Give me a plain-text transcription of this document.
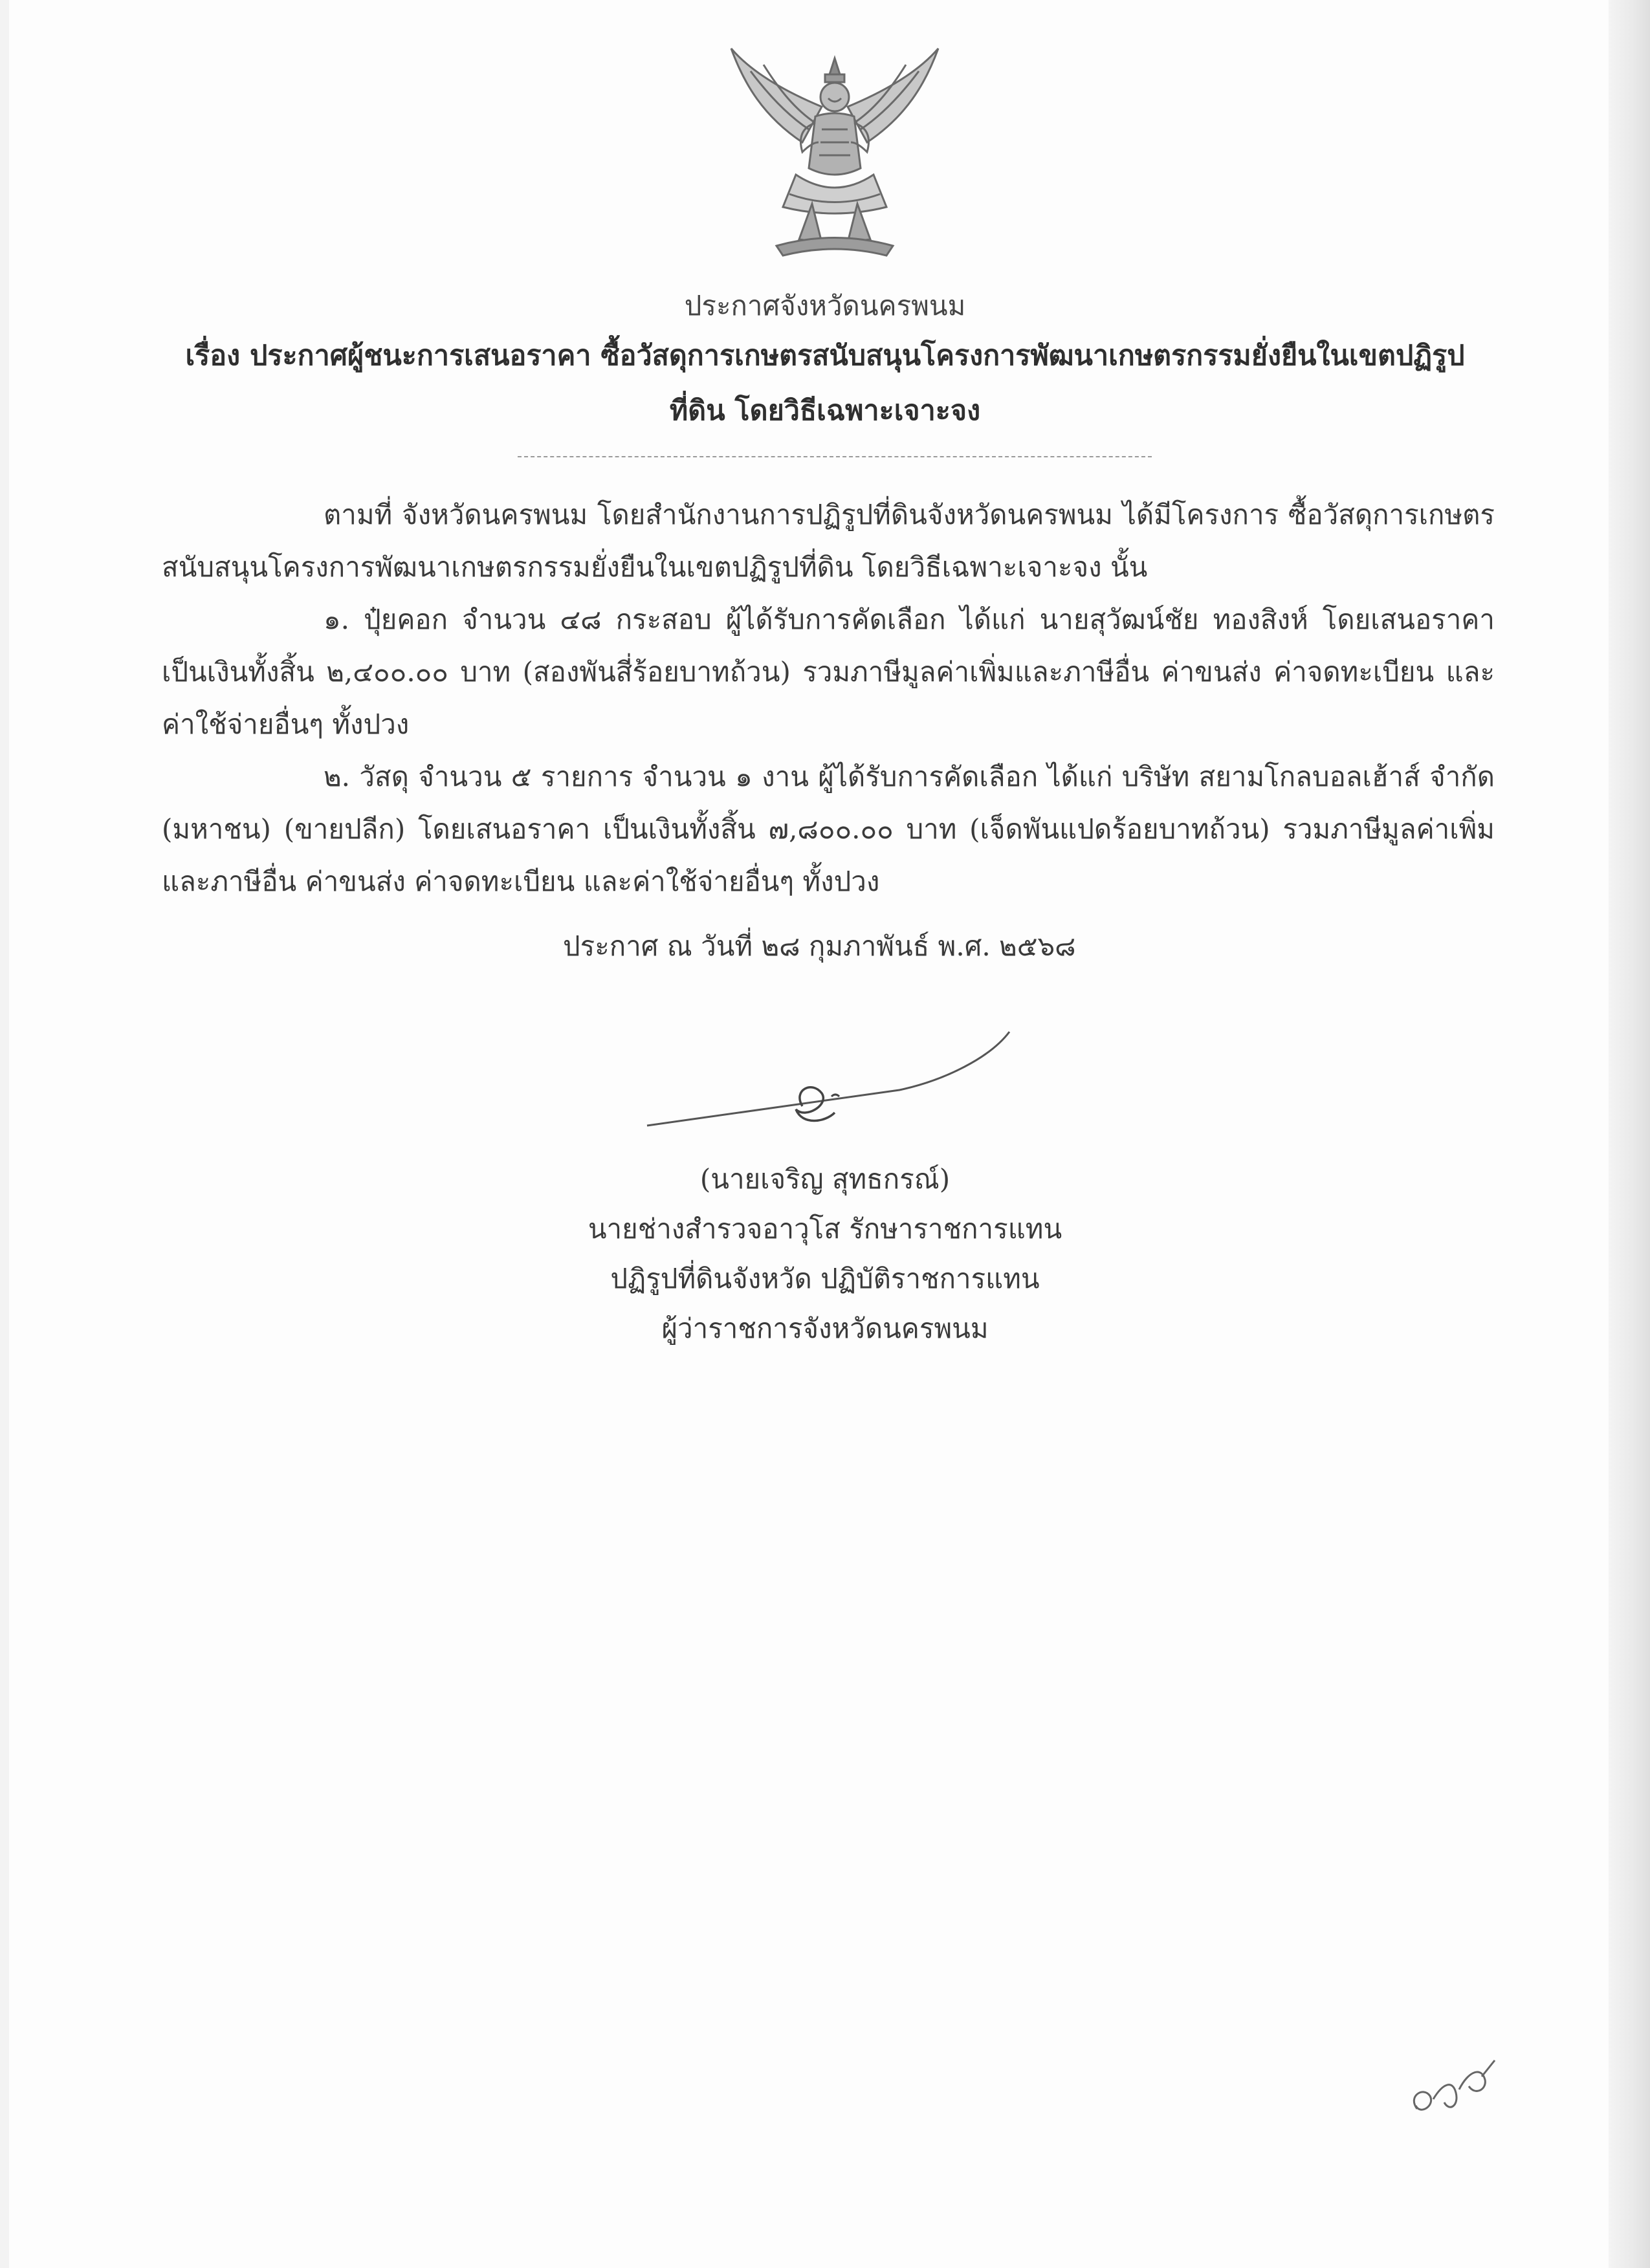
ประกาศจังหวัดนครพนม
เรื่อง ประกาศผู้ชนะการเสนอราคา ซื้อวัสดุการเกษตรสนับสนุนโครงการพัฒนาเกษตรกรรมยั่งยืนในเขตปฏิรูป
ที่ดิน โดยวิธีเฉพาะเจาะจง
ตามที่ จังหวัดนครพนม โดยสำนักงานการปฏิรูปที่ดินจังหวัดนครพนม ได้มีโครงการ ซื้อวัสดุการเกษตรสนับสนุนโครงการพัฒนาเกษตรกรรมยั่งยืนในเขตปฏิรูปที่ดิน โดยวิธีเฉพาะเจาะจง นั้น
๑. ปุ๋ยคอก จำนวน ๔๘ กระสอบ ผู้ได้รับการคัดเลือก ได้แก่ นายสุวัฒน์ชัย ทองสิงห์ โดยเสนอราคา เป็นเงินทั้งสิ้น ๒,๔๐๐.๐๐ บาท (สองพันสี่ร้อยบาทถ้วน) รวมภาษีมูลค่าเพิ่มและภาษีอื่น ค่าขนส่ง ค่าจดทะเบียน และค่าใช้จ่ายอื่นๆ ทั้งปวง
๒. วัสดุ จำนวน ๕ รายการ จำนวน ๑ งาน ผู้ได้รับการคัดเลือก ได้แก่ บริษัท สยามโกลบอลเฮ้าส์ จำกัด (มหาชน) (ขายปลีก) โดยเสนอราคา เป็นเงินทั้งสิ้น ๗,๘๐๐.๐๐ บาท (เจ็ดพันแปดร้อยบาทถ้วน) รวมภาษีมูลค่าเพิ่มและภาษีอื่น ค่าขนส่ง ค่าจดทะเบียน และค่าใช้จ่ายอื่นๆ ทั้งปวง
ประกาศ ณ วันที่ ๒๘ กุมภาพันธ์ พ.ศ. ๒๕๖๘
(นายเจริญ สุทธกรณ์)
นายช่างสำรวจอาวุโส รักษาราชการแทน
ปฏิรูปที่ดินจังหวัด ปฏิบัติราชการแทน
ผู้ว่าราชการจังหวัดนครพนม
